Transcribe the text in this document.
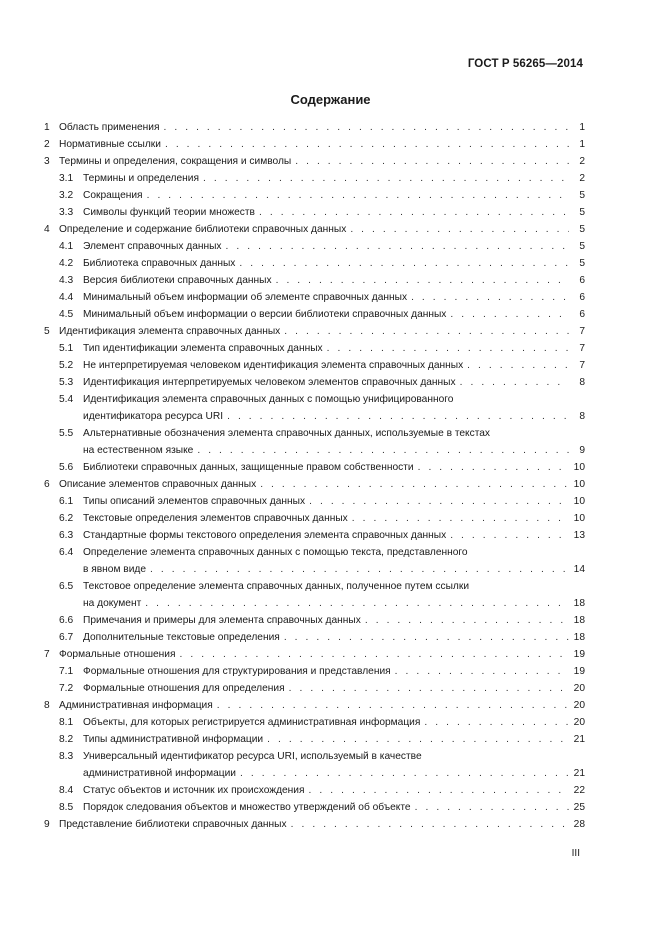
ГОСТ Р 56265—2014
Содержание
1 Область применения . . .	1
2 Нормативные ссылки . . .	1
3 Термины и определения, сокращения и символы . . .	2
3.1 Термины и определения . . .	2
3.2 Сокращения . . .	5
3.3 Символы функций теории множеств . . .	5
4 Определение и содержание библиотеки справочных данных . . .	5
4.1 Элемент справочных данных . . .	5
4.2 Библиотека справочных данных . . .	5
4.3 Версия библиотеки справочных данных . . .	6
4.4 Минимальный объем информации об элементе справочных данных . . .	6
4.5 Минимальный объем информации о версии библиотеки справочных данных . . .	6
5 Идентификация элемента справочных данных . . .	7
5.1 Тип идентификации элемента справочных данных . . .	7
5.2 Не интерпретируемая человеком идентификация элемента справочных данных . . .	7
5.3 Идентификация интерпретируемых человеком элементов справочных данных . . .	8
5.4 Идентификация элемента справочных данных с помощью унифицированного
идентификатора ресурса URI . . .	8
5.5 Альтернативные обозначения элемента справочных данных, используемые в текстах
на естественном языке . . .	9
5.6 Библиотеки справочных данных, защищенные правом собственности . . .	10
6 Описание элементов справочных данных . . .	10
6.1 Типы описаний элементов справочных данных . . .	10
6.2 Текстовые определения элементов справочных данных . . .	10
6.3 Стандартные формы текстового определения элемента справочных данных . . .	13
6.4 Определение элемента справочных данных с помощью текста, представленного
в явном виде . . .	14
6.5 Текстовое определение элемента справочных данных, полученное путем ссылки
на документ . . .	18
6.6 Примечания и примеры для элемента справочных данных . . .	18
6.7 Дополнительные текстовые определения . . .	18
7 Формальные отношения . . .	19
7.1 Формальные отношения для структурирования и представления . . .	19
7.2 Формальные отношения для определения . . .	20
8 Административная информация . . .	20
8.1 Объекты, для которых регистрируется административная информация . . .	20
8.2 Типы административной информации . . .	21
8.3 Универсальный идентификатор ресурса URI, используемый в качестве
административной информации . . .	21
8.4 Статус объектов и источник их происхождения . . .	22
8.5 Порядок следования объектов и множество утверждений об объекте . . .	25
9 Представление библиотеки справочных данных . . .	28
III
